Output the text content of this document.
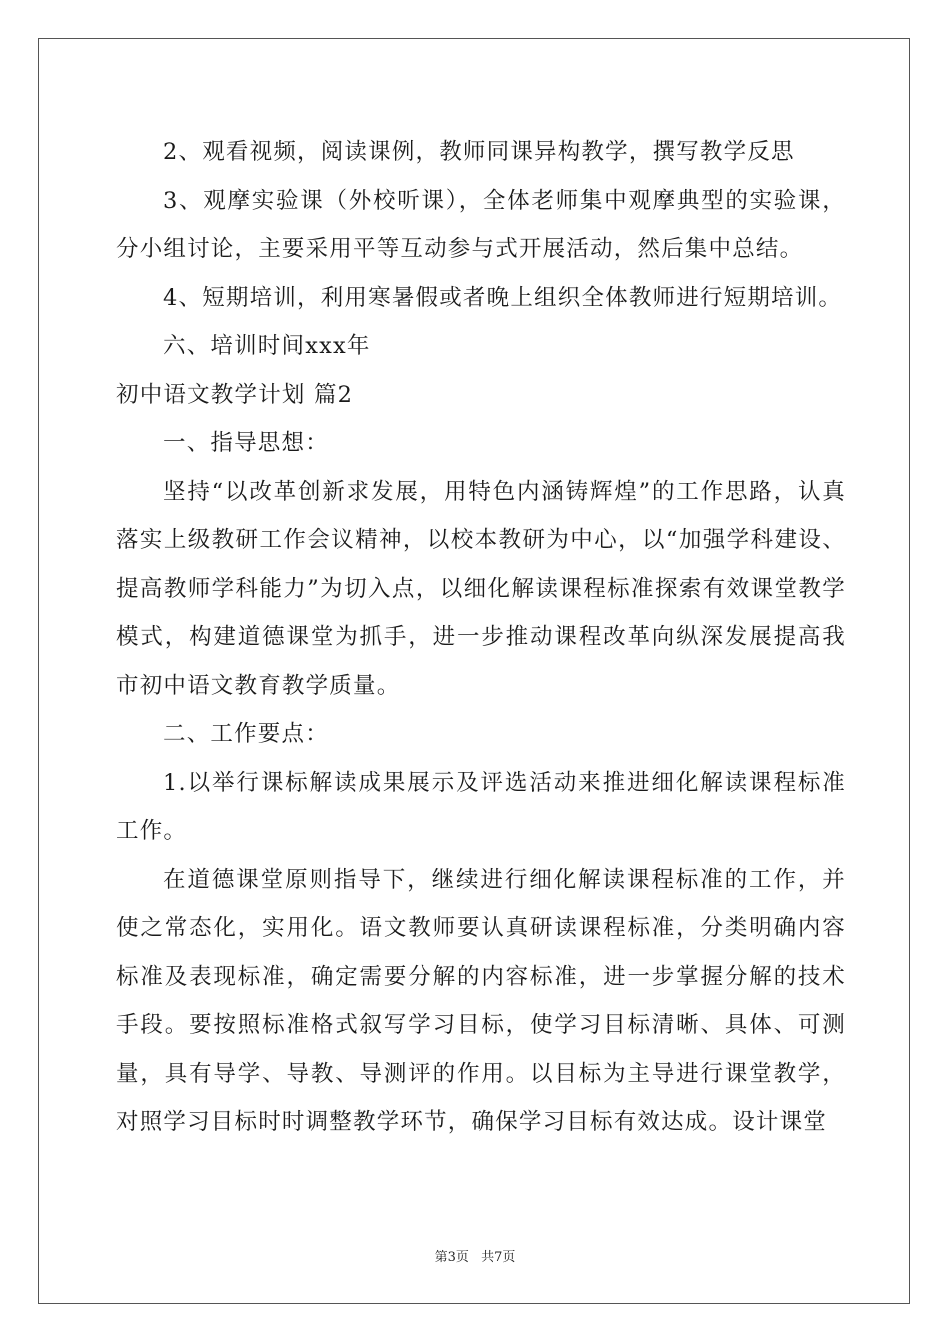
2、观看视频，阅读课例，教师同课异构教学，撰写教学反思

3、观摩实验课（外校听课），全体老师集中观摩典型的实验课，分小组讨论，主要采用平等互动参与式开展活动，然后集中总结。

4、短期培训，利用寒暑假或者晚上组织全体教师进行短期培训。

六、培训时间xxx年

初中语文教学计划 篇2

一、指导思想：

坚持“以改革创新求发展，用特色内涵铸辉煌”的工作思路，认真落实上级教研工作会议精神，以校本教研为中心，以“加强学科建设、提高教师学科能力”为切入点，以细化解读课程标准探索有效课堂教学模式，构建道德课堂为抓手，进一步推动课程改革向纵深发展提高我市初中语文教育教学质量。

二、工作要点：

1.以举行课标解读成果展示及评选活动来推进细化解读课程标准工作。

在道德课堂原则指导下，继续进行细化解读课程标准的工作，并使之常态化，实用化。语文教师要认真研读课程标准，分类明确内容标准及表现标准，确定需要分解的内容标准，进一步掌握分解的技术手段。要按照标准格式叙写学习目标，使学习目标清晰、具体、可测量，具有导学、导教、导测评的作用。以目标为主导进行课堂教学，对照学习目标时时调整教学环节，确保学习目标有效达成。设计课堂

第3页 共7页
